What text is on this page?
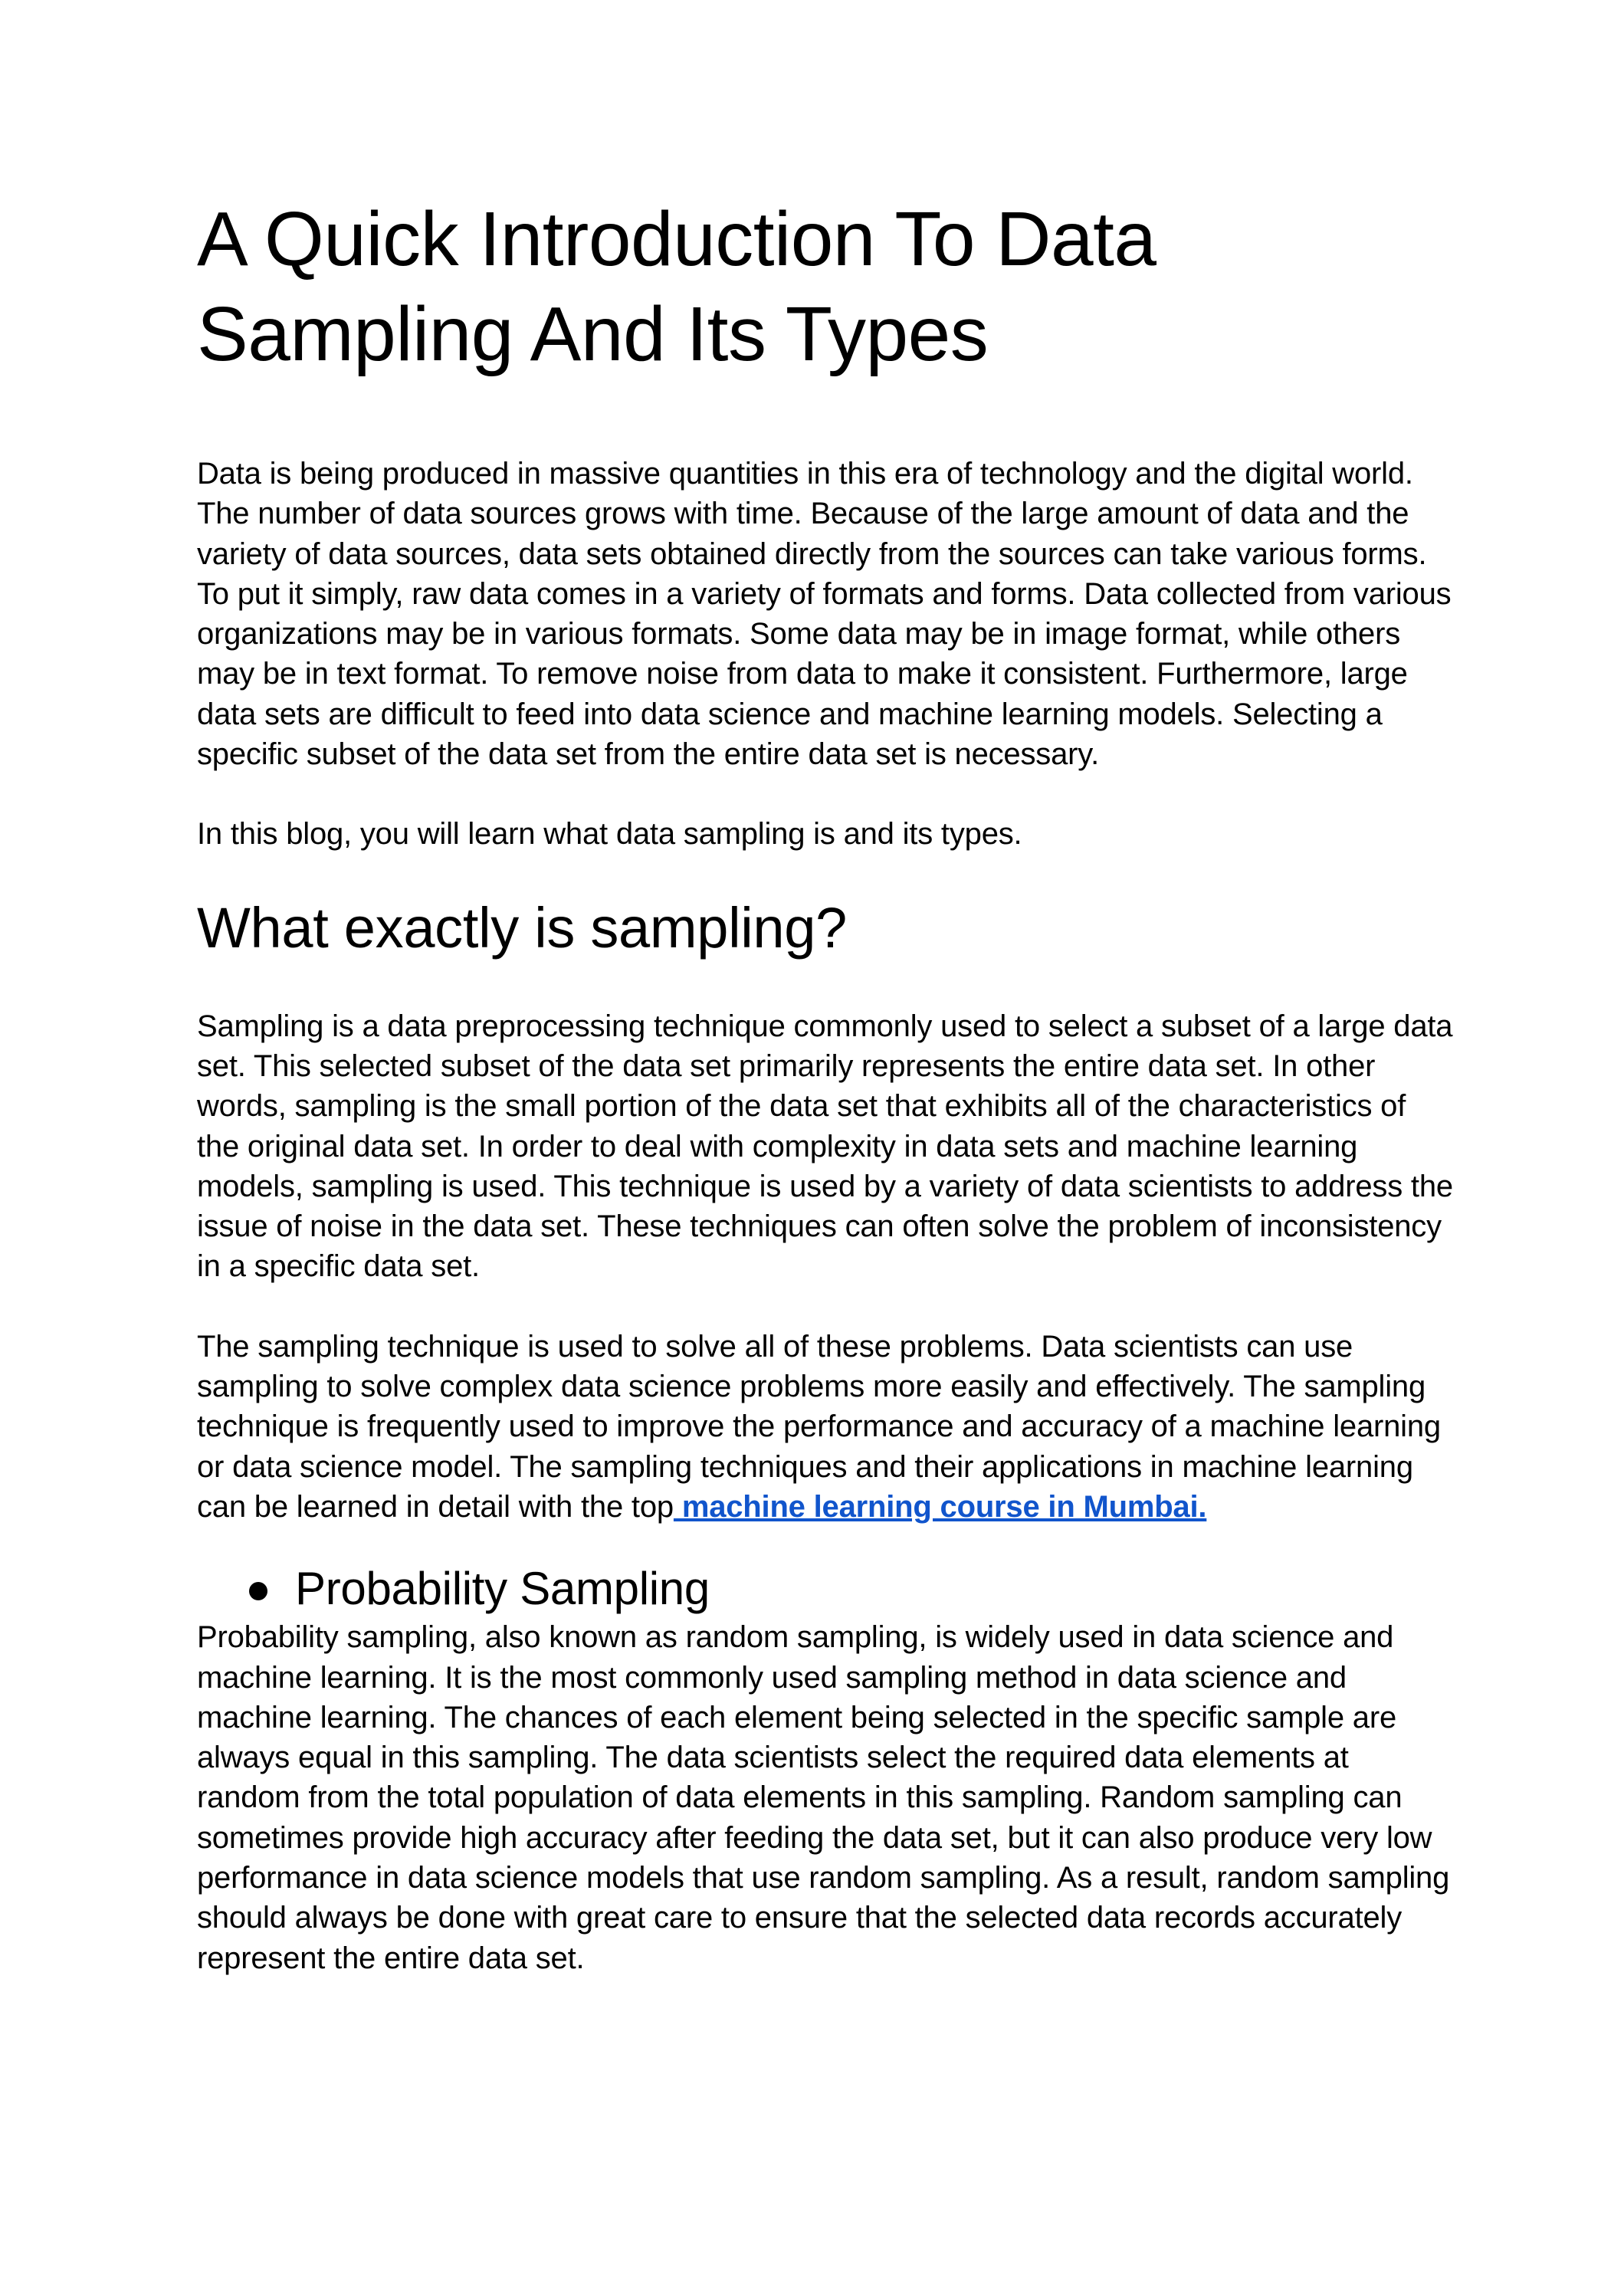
A Quick Introduction To Data Sampling And Its Types

Data is being produced in massive quantities in this era of technology and the digital world. The number of data sources grows with time. Because of the large amount of data and the variety of data sources, data sets obtained directly from the sources can take various forms. To put it simply, raw data comes in a variety of formats and forms. Data collected from various organizations may be in various formats. Some data may be in image format, while others may be in text format. To remove noise from data to make it consistent. Furthermore, large data sets are difficult to feed into data science and machine learning models. Selecting a specific subset of the data set from the entire data set is necessary.

In this blog, you will learn what data sampling is and its types.

What exactly is sampling?

Sampling is a data preprocessing technique commonly used to select a subset of a large data set. This selected subset of the data set primarily represents the entire data set. In other words, sampling is the small portion of the data set that exhibits all of the characteristics of the original data set. In order to deal with complexity in data sets and machine learning models, sampling is used. This technique is used by a variety of data scientists to address the issue of noise in the data set. These techniques can often solve the problem of inconsistency in a specific data set.

The sampling technique is used to solve all of these problems. Data scientists can use sampling to solve complex data science problems more easily and effectively. The sampling technique is frequently used to improve the performance and accuracy of a machine learning or data science model. The sampling techniques and their applications in machine learning can be learned in detail with the top machine learning course in Mumbai.

Probability Sampling

Probability sampling, also known as random sampling, is widely used in data science and machine learning. It is the most commonly used sampling method in data science and machine learning. The chances of each element being selected in the specific sample are always equal in this sampling. The data scientists select the required data elements at random from the total population of data elements in this sampling. Random sampling can sometimes provide high accuracy after feeding the data set, but it can also produce very low performance in data science models that use random sampling. As a result, random sampling should always be done with great care to ensure that the selected data records accurately represent the entire data set.
